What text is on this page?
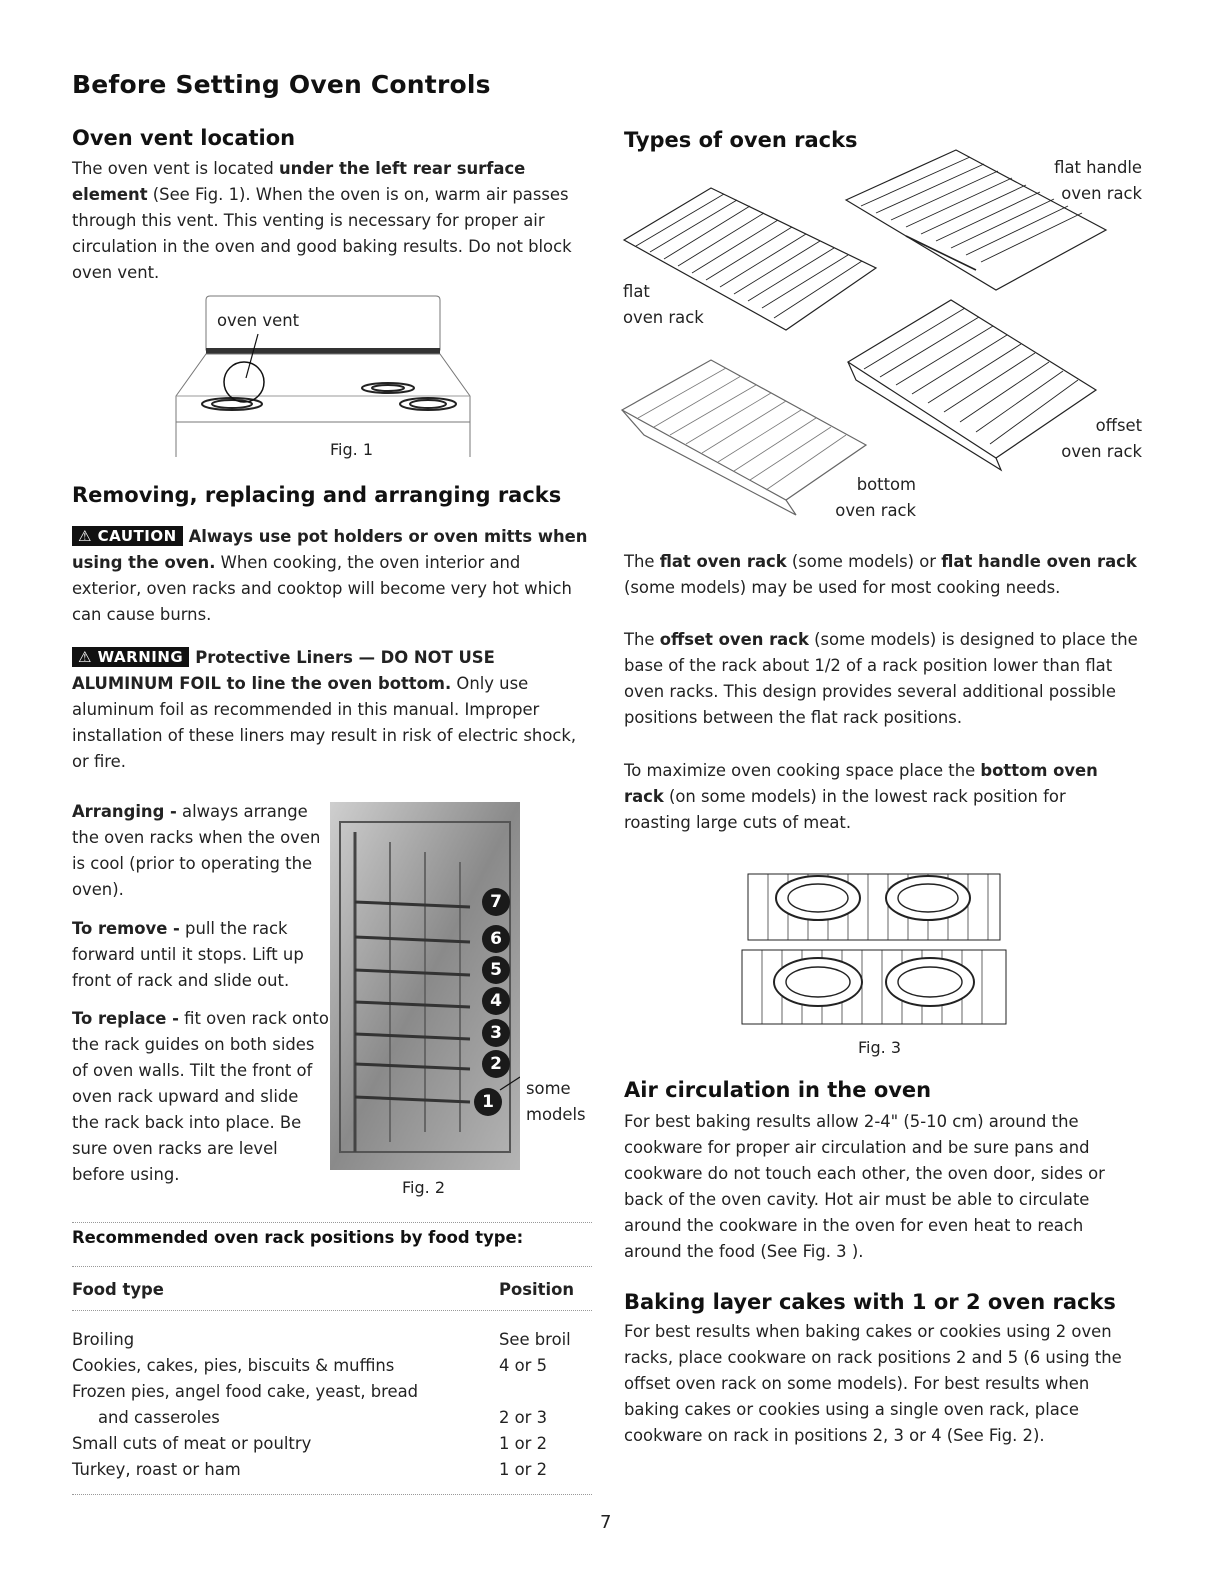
Before Setting Oven Controls
Oven vent location
The oven vent is located under the left rear surface element (See Fig. 1). When the oven is on, warm air passes through this vent. This venting is necessary for proper air circulation in the oven and good baking results. Do not block oven vent.
oven vent
Fig. 1
Removing, replacing and arranging racks
⚠ CAUTION Always use pot holders or oven mitts when using the oven. When cooking, the oven interior and exterior, oven racks and cooktop will become very hot which can cause burns.
⚠ WARNING Protective Liners — DO NOT USE ALUMINUM FOIL to line the oven bottom. Only use aluminum foil as recommended in this manual. Improper installation of these liners may result in risk of electric shock, or fire.
Arranging - always arrange the oven racks when the oven is cool (prior to operating the oven).
To remove - pull the rack forward until it stops. Lift up front of rack and slide out.
To replace - fit oven rack onto the rack guides on both sides of oven walls. Tilt the front of oven rack upward and slide the rack back into place. Be sure oven racks are level before using.
7
6
5
4
3
2
1
some models
Fig. 2
Recommended oven rack positions by food type:
Food type	Position
Broiling	See broil
Cookies, cakes, pies, biscuits & muffins	4 or 5
Frozen pies, angel food cake, yeast, bread
and casseroles	2 or 3
Small cuts of meat or poultry	1 or 2
Turkey, roast or ham	1 or 2
Types of oven racks
flat handle
oven rack
flat
oven rack
offset
oven rack
bottom
oven rack
The flat oven rack (some models) or flat handle oven rack (some models) may be used for most cooking needs.
The offset oven rack (some models) is designed to place the base of the rack about 1/2 of a rack position lower than flat oven racks. This design provides several additional possible positions between the flat rack positions.
To maximize oven cooking space place the bottom oven rack (on some models) in the lowest rack position for roasting large cuts of meat.
Fig. 3
Air circulation in the oven
For best baking results allow 2-4" (5-10 cm) around the cookware for proper air circulation and be sure pans and cookware do not touch each other, the oven door, sides or back of the oven cavity. Hot air must be able to circulate around the cookware in the oven for even heat to reach around the food (See Fig. 3 ).
Baking layer cakes with 1 or 2 oven racks
For best results when baking cakes or cookies using 2 oven racks, place cookware on rack positions 2 and 5 (6 using the offset oven rack on some models). For best results when baking cakes or cookies using a single oven rack, place cookware on rack in positions 2, 3 or 4 (See Fig. 2).
7
